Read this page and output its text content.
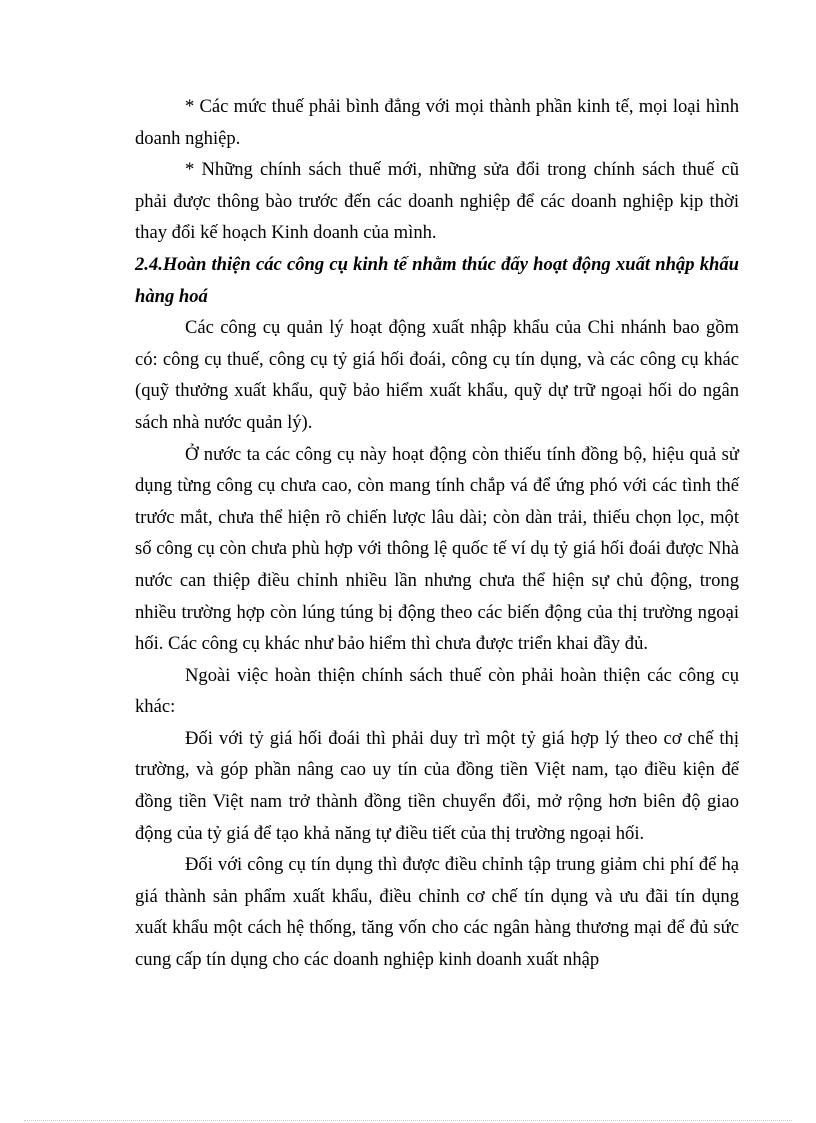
* Các mức thuế phải bình đẳng với mọi thành phần kinh tế, mọi loại hình doanh nghiệp.

* Những chính sách thuế mới, những sửa đổi trong chính sách thuế cũ phải được thông bào trước đến các doanh nghiệp để các doanh nghiệp kịp thời thay đổi kế hoạch Kinh doanh của mình.

2.4.Hoàn thiện các công cụ kinh tế nhằm thúc đẩy hoạt động xuất nhập khẩu hàng hoá

Các công cụ quản lý hoạt động xuất nhập khẩu của Chi nhánh bao gồm có: công cụ thuế, công cụ tỷ giá hối đoái, công cụ tín dụng, và các công cụ khác (quỹ thưởng xuất khẩu, quỹ bảo hiểm xuất khẩu, quỹ dự trữ ngoại hối do ngân sách nhà nước quản lý).

Ở nước ta các công cụ này hoạt động còn thiếu tính đồng bộ, hiệu quả sử dụng từng công cụ chưa cao, còn mang tính chắp vá để ứng phó với các tình thế trước mắt, chưa thể hiện rõ chiến lược lâu dài; còn dàn trải, thiếu chọn lọc, một số công cụ còn chưa phù hợp với thông lệ quốc tế ví dụ tỷ giá hối đoái được Nhà nước can thiệp điều chỉnh nhiều lần nhưng chưa thể hiện sự chủ động, trong nhiều trường hợp còn lúng túng bị động theo các biến động của thị trường ngoại hối. Các công cụ khác như bảo hiểm thì chưa được triển khai đầy đủ.

Ngoài việc hoàn thiện chính sách thuế còn phải hoàn thiện các công cụ khác:

Đối với tỷ giá hối đoái thì phải duy trì một tỷ giá hợp lý theo cơ chế thị trường, và góp phần nâng cao uy tín của đồng tiền Việt nam, tạo điều kiện để đồng tiền Việt nam trở thành đồng tiền chuyển đổi, mở rộng hơn biên độ giao động của tỷ giá để tạo khả năng tự điều tiết của thị trường ngoại hối.

Đối với công cụ tín dụng thì được điều chỉnh tập trung giảm chi phí để hạ giá thành sản phẩm xuất khẩu, điều chỉnh cơ chế tín dụng và ưu đãi tín dụng xuất khẩu một cách hệ thống, tăng vốn cho các ngân hàng thương mại để đủ sức cung cấp tín dụng cho các doanh nghiệp kinh doanh xuất nhập
